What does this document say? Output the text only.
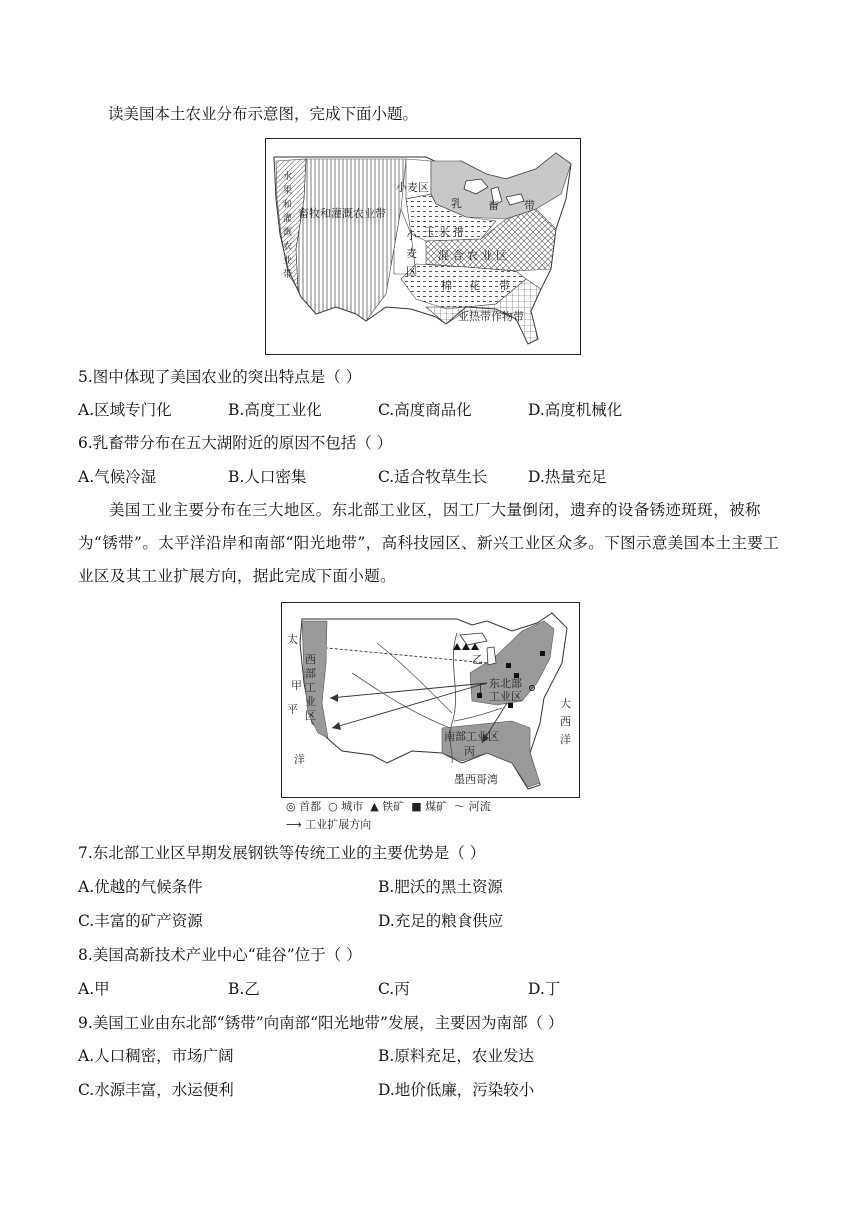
读美国本土农业分布示意图，完成下面小题。
小麦区
乳 畜 带
畜牧和灌溉农业带
玉 米 带
小
麦
区
混 合 农 业 区
棉 花 带
亚热带作物带
水
果
和
灌
溉
农
业
带
5.图中体现了美国农业的突出特点是（ ）
A.区域专门化	B.高度工业化	C.高度商品化	D.高度机械化
6.乳畜带分布在五大湖附近的原因不包括（ ）
A.气候冷湿	B.人口密集	C.适合牧草生长	D.热量充足
美国工业主要分布在三大地区。东北部工业区，因工厂大量倒闭，遗弃的设备锈迹斑斑，被称为“锈带”。太平洋沿岸和南部“阳光地带”，高科技园区、新兴工业区众多。下图示意美国本土主要工业区及其工业扩展方向，据此完成下面小题。
太
平
洋
西
部
工
业
区
甲
乙
东北部
工业区
丁
大
西
洋
南部工业区
丙
墨西哥湾
◎ 首都 ○ 城市 ▲ 铁矿 ■ 煤矿 〜 河流
⟶ 工业扩展方向
7.东北部工业区早期发展钢铁等传统工业的主要优势是（ ）
A.优越的气候条件	B.肥沃的黑土资源
C.丰富的矿产资源	D.充足的粮食供应
8.美国高新技术产业中心“硅谷”位于（ ）
A.甲	B.乙	C.丙	D.丁
9.美国工业由东北部“锈带”向南部“阳光地带”发展，主要因为南部（ ）
A.人口稠密，市场广阔	B.原料充足，农业发达
C.水源丰富，水运便利	D.地价低廉，污染较小
